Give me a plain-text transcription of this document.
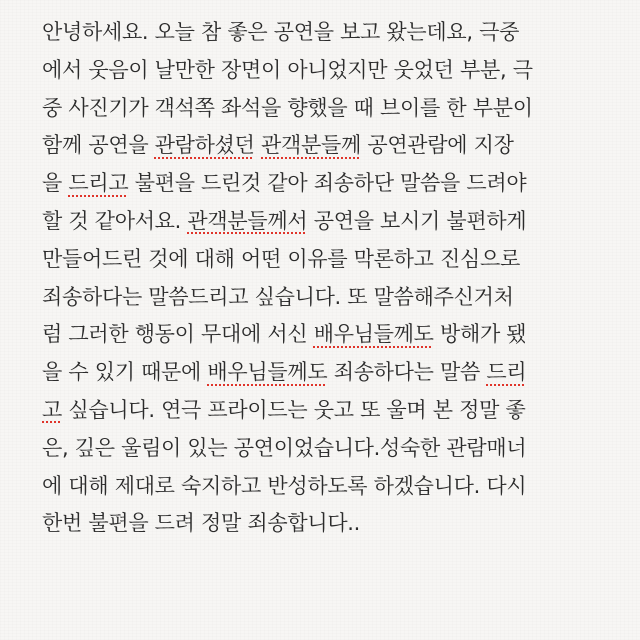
안녕하세요. 오늘 참 좋은 공연을 보고 왔는데요, 극중
에서 웃음이 날만한 장면이 아니었지만 웃었던 부분, 극
중 사진기가 객석쪽 좌석을 향했을 때 브이를 한 부분이
함께 공연을 관람하셨던 관객분들께 공연관람에 지장
을 드리고 불편을 드린것 같아 죄송하단 말씀을 드려야
할 것 같아서요. 관객분들께서 공연을 보시기 불편하게
만들어드린 것에 대해 어떤 이유를 막론하고 진심으로
죄송하다는 말씀드리고 싶습니다. 또 말씀해주신거처
럼 그러한 행동이 무대에 서신 배우님들께도 방해가 됐
을 수 있기 때문에 배우님들께도 죄송하다는 말씀 드리
고 싶습니다. 연극 프라이드는 웃고 또 울며 본 정말 좋
은, 깊은 울림이 있는 공연이었습니다.성숙한 관람매너
에 대해 제대로 숙지하고 반성하도록 하겠습니다. 다시
한번 불편을 드려 정말 죄송합니다..
